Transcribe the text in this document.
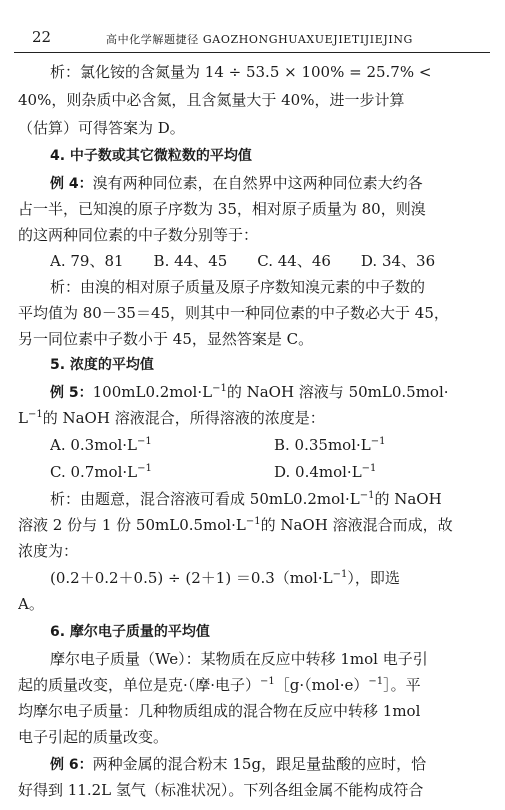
22	高中化学解题捷径 GAOZHONGHUAXUEJIETIJIEJING
析：氯化铵的含氮量为 14 ÷ 53.5 × 100% = 25.7% <
40%，则杂质中必含氮，且含氮量大于 40%，进一步计算
（估算）可得答案为 D。
4. 中子数或其它微粒数的平均值
例 4：溴有两种同位素，在自然界中这两种同位素大约各
占一半，已知溴的原子序数为 35，相对原子质量为 80，则溴
的这两种同位素的中子数分别等于：
A. 79、81　　B. 44、45　　C. 44、46　　D. 34、36
析：由溴的相对原子质量及原子序数知溴元素的中子数的
平均值为 80－35＝45，则其中一种同位素的中子数必大于 45，
另一同位素中子数小于 45，显然答案是 C。
5. 浓度的平均值
例 5：$100mL0.2mol\cdot L^{-1}$的 NaOH 溶液与 50mL0.5mol·
$L^{-1}$的 NaOH 溶液混合，所得溶液的浓度是：
A. $0.3mol\cdot L^{-1}$	B. $0.35mol\cdot L^{-1}$
C. $0.7mol\cdot L^{-1}$	D. $0.4mol\cdot L^{-1}$
析：由题意，混合溶液可看成 $50mL0.2mol\cdot L^{-1}$的 NaOH
溶液 2 份与 1 份 $50mL0.5mol\cdot L^{-1}$的 NaOH 溶液混合而成，故
浓度为：
$(0.2+0.2+0.5) \div (2+1) =0.3(mol\cdot L^{-1})$，即选
A。
6. 摩尔电子质量的平均值
摩尔电子质量（We）：某物质在反应中转移 1mol 电子引
起的质量改变，单位是克·（摩·电子）$^{-1}[g\cdot(mol\cdot e)^{-1}]$。平
均摩尔电子质量：几种物质组成的混合物在反应中转移 1mol
电子引起的质量改变。
例 6：两种金属的混合粉末 15g，跟足量盐酸的应时，恰
好得到 11.2L 氢气（标准状况）。下列各组金属不能构成符合
